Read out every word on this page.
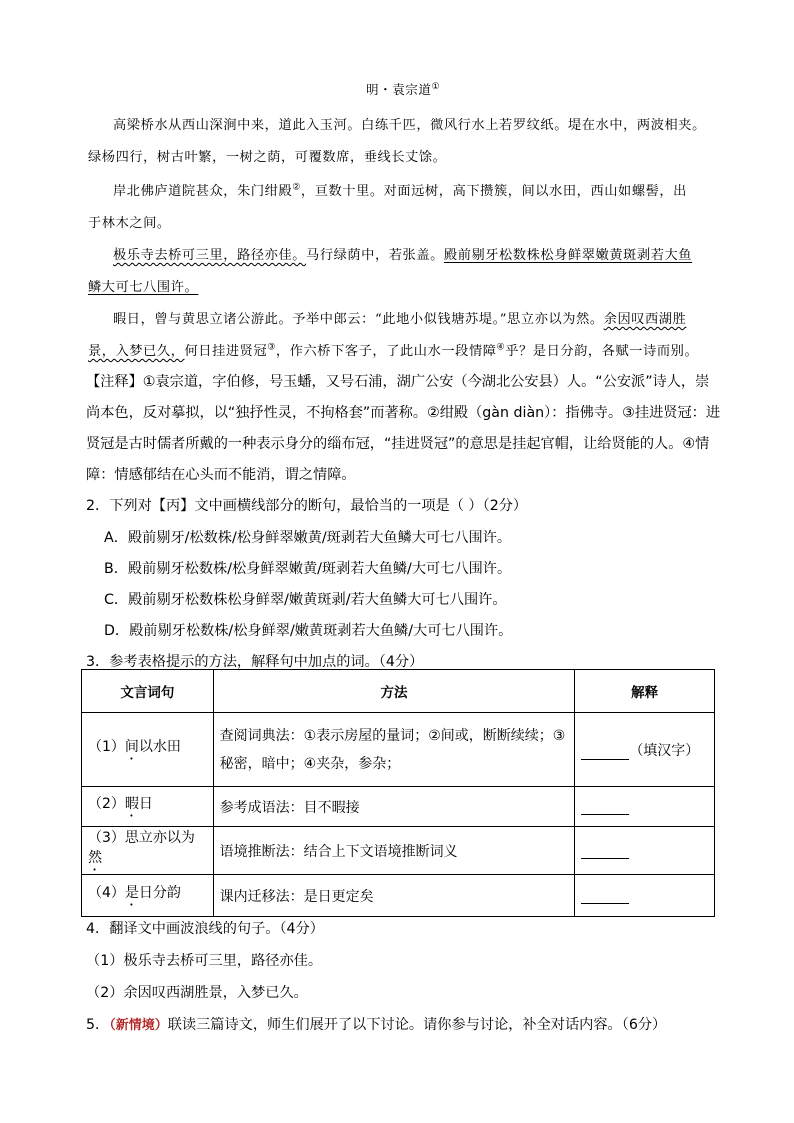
明・袁宗道①
高梁桥水从西山深涧中来，道此入玉河。白练千匹，微风行水上若罗纹纸。堤在水中，两波相夹。
绿杨四行，树古叶繁，一树之荫，可覆数席，垂线长丈馀。
岸北佛庐道院甚众，朱门绀殿②，亘数十里。对面远树，高下攒簇，间以水田，西山如螺髻，出
于林木之间。
极乐寺去桥可三里，路径亦佳。马行绿荫中，若张盖。殿前剔牙松数株松身鲜翠嫩黄斑剥若大鱼
鳞大可七八围许。
暇日，曾与黄思立诸公游此。予举中郎云：“此地小似钱塘苏堤。”思立亦以为然。余因叹西湖胜
景，入梦已久，何日挂进贤冠③，作六桥下客子，了此山水一段情障④乎？是日分韵，各赋一诗而别。
【注释】①袁宗道，字伯修，号玉蟠，又号石浦，湖广公安（今湖北公安县）人。“公安派”诗人，崇
尚本色，反对摹拟，以“独抒性灵，不拘格套”而著称。②绀殿（gàn diàn）：指佛寺。③挂进贤冠：进
贤冠是古时儒者所戴的一种表示身分的缁布冠，“挂进贤冠”的意思是挂起官帽，让给贤能的人。④情
障：情感郁结在心头而不能消，谓之情障。
2．下列对【丙】文中画横线部分的断句，最恰当的一项是（ ）（2分）
A．殿前剔牙/松数株/松身鲜翠嫩黄/斑剥若大鱼鳞大可七八围许。
B．殿前剔牙松数株/松身鲜翠嫩黄/斑剥若大鱼鳞/大可七八围许。
C．殿前剔牙松数株松身鲜翠/嫩黄斑剥/若大鱼鳞大可七八围许。
D．殿前剔牙松数株/松身鲜翠/嫩黄斑剥若大鱼鳞/大可七八围许。
3．参考表格提示的方法，解释句中加点的词。（4分）
文言词句	方法	解释
（1）间以水田	查阅词典法：①表示房屋的量词；②间或，断断续续；③
秘密，暗中；④夹杂，参杂；	（填汉字）
（2）暇日	参考成语法：目不暇接	
（3）思立亦以为然	语境推断法：结合上下文语境推断词义	
（4）是日分韵	课内迁移法：是日更定矣	
4．翻译文中画波浪线的句子。（4分）
（1）极乐寺去桥可三里，路径亦佳。
（2）余因叹西湖胜景，入梦已久。
5．（新情境）联读三篇诗文，师生们展开了以下讨论。请你参与讨论，补全对话内容。（6分）
